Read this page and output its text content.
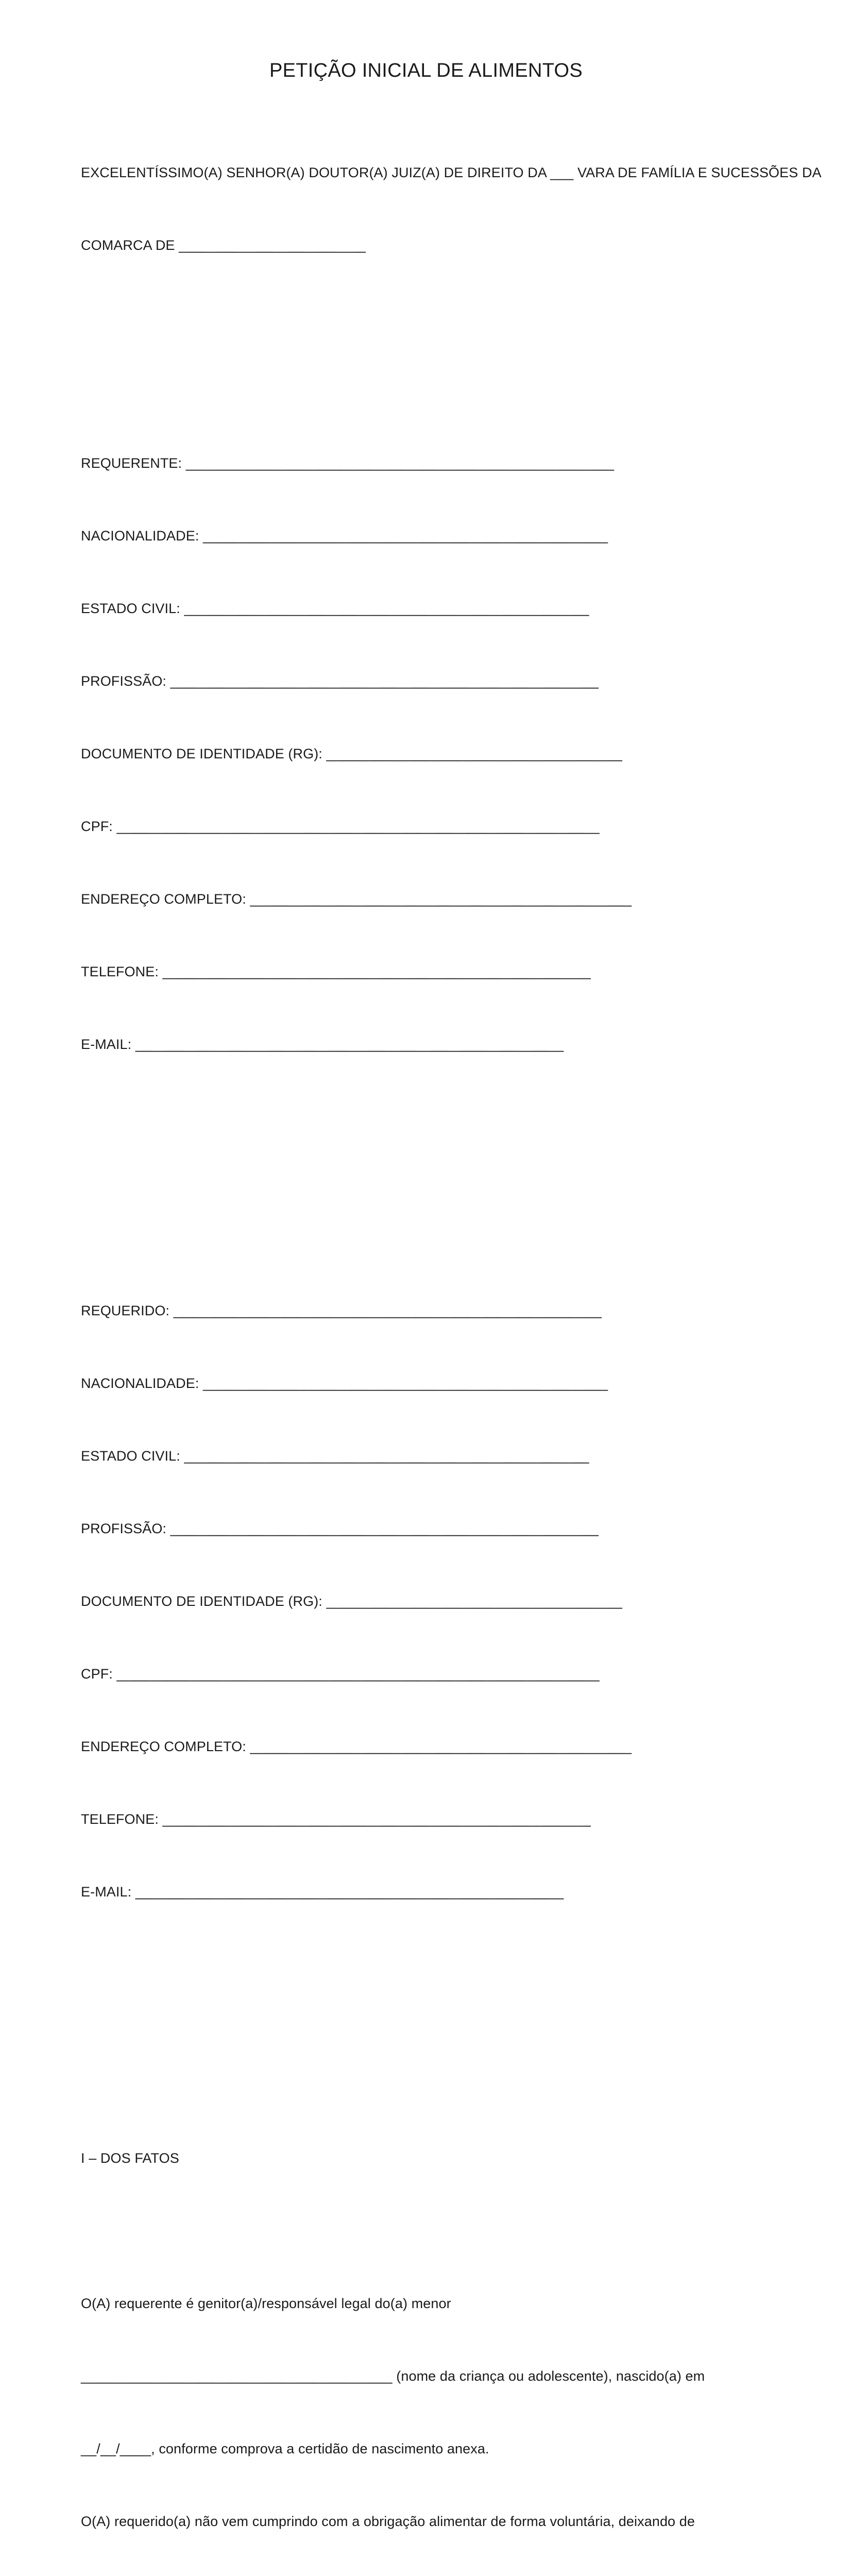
PETIÇÃO INICIAL DE ALIMENTOS

EXCELENTÍSSIMO(A) SENHOR(A) DOUTOR(A) JUIZ(A) DE DIREITO DA ___ VARA DE FAMÍLIA E SUCESSÕES DA

COMARCA DE ________________________

REQUERENTE: _______________________________________________________

NACIONALIDADE: ____________________________________________________

ESTADO CIVIL: ____________________________________________________

PROFISSÃO: _______________________________________________________

DOCUMENTO DE IDENTIDADE (RG): ______________________________________

CPF: ______________________________________________________________

ENDEREÇO COMPLETO: _________________________________________________

TELEFONE: _______________________________________________________

E-MAIL: _______________________________________________________

REQUERIDO: _______________________________________________________

NACIONALIDADE: ____________________________________________________

ESTADO CIVIL: ____________________________________________________

PROFISSÃO: _______________________________________________________

DOCUMENTO DE IDENTIDADE (RG): ______________________________________

CPF: ______________________________________________________________

ENDEREÇO COMPLETO: _________________________________________________

TELEFONE: _______________________________________________________

E-MAIL: _______________________________________________________

I – DOS FATOS

O(A) requerente é genitor(a)/responsável legal do(a) menor

________________________________________ (nome da criança ou adolescente), nascido(a) em

__/__/____, conforme comprova a certidão de nascimento anexa.

O(A) requerido(a) não vem cumprindo com a obrigação alimentar de forma voluntária, deixando de
